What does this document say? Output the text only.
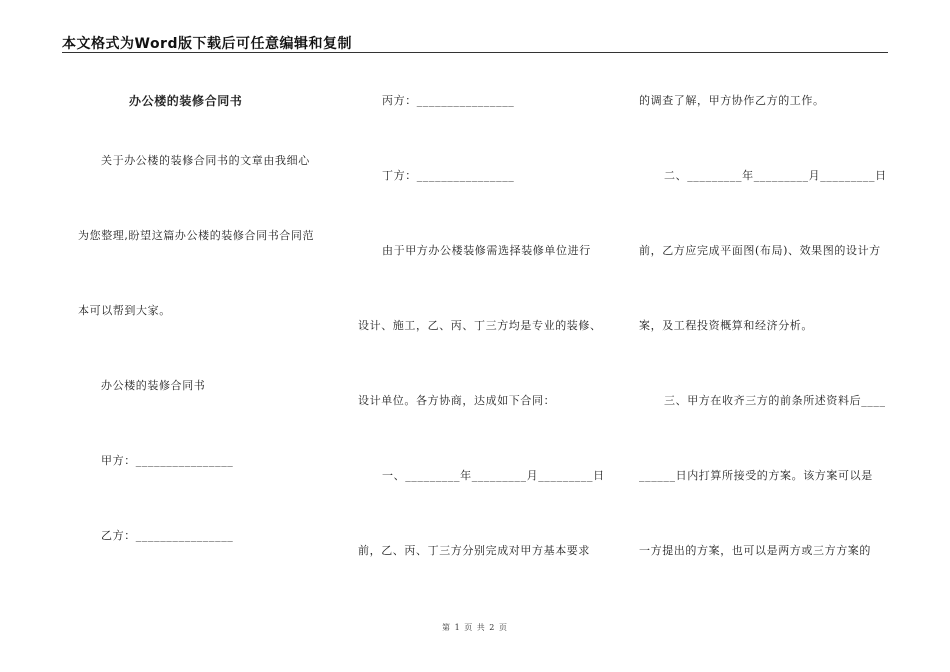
本文格式为Word版下载后可任意编辑和复制
办公楼的装修合同书
关于办公楼的装修合同书的文章由我细心
为您整理,盼望这篇办公楼的装修合同书合同范
本可以帮到大家。
办公楼的装修合同书
甲方：________________
乙方：________________
丙方：________________
丁方：________________
由于甲方办公楼装修需选择装修单位进行
设计、施工，乙、丙、丁三方均是专业的装修、
设计单位。各方协商，达成如下合同：
一、_________年_________月_________日
前，乙、丙、丁三方分别完成对甲方基本要求
的调查了解，甲方协作乙方的工作。
二、_________年_________月_________日
前，乙方应完成平面图(布局)、效果图的设计方
案，及工程投资概算和经济分析。
三、甲方在收齐三方的前条所述资料后____
______日内打算所接受的方案。该方案可以是
一方提出的方案，也可以是两方或三方方案的
第 1 页 共 2 页
